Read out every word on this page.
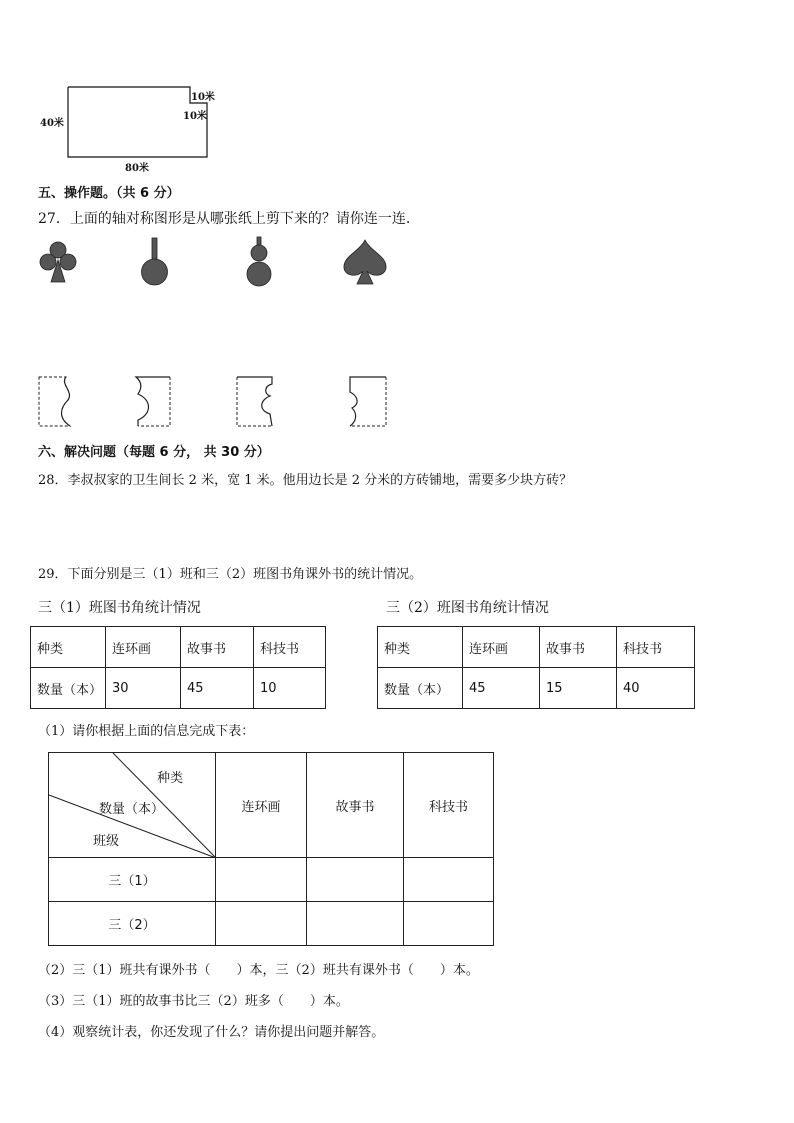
40米
10米
10米
80米
五、操作题。（共 6 分）
27．上面的轴对称图形是从哪张纸上剪下来的？请你连一连.
六、解决问题（每题 6 分， 共 30 分）
28．李叔叔家的卫生间长 2 米，宽 1 米。他用边长是 2 分米的方砖铺地，需要多少块方砖？
29．下面分别是三（1）班和三（2）班图书角课外书的统计情况。
三（1）班图书角统计情况	三（2）班图书角统计情况
种类	连环画	故事书	科技书
数量（本）	30	45	10
种类	连环画	故事书	科技书
数量（本）	45	15	40
（1）请你根据上面的信息完成下表：
种类
数量（本）
班级	连环画	故事书	科技书
三（1）			
三（2）			
（2）三（1）班共有课外书（　　）本，三（2）班共有课外书（　　）本。
（3）三（1）班的故事书比三（2）班多（　　）本。
（4）观察统计表，你还发现了什么？请你提出问题并解答。
